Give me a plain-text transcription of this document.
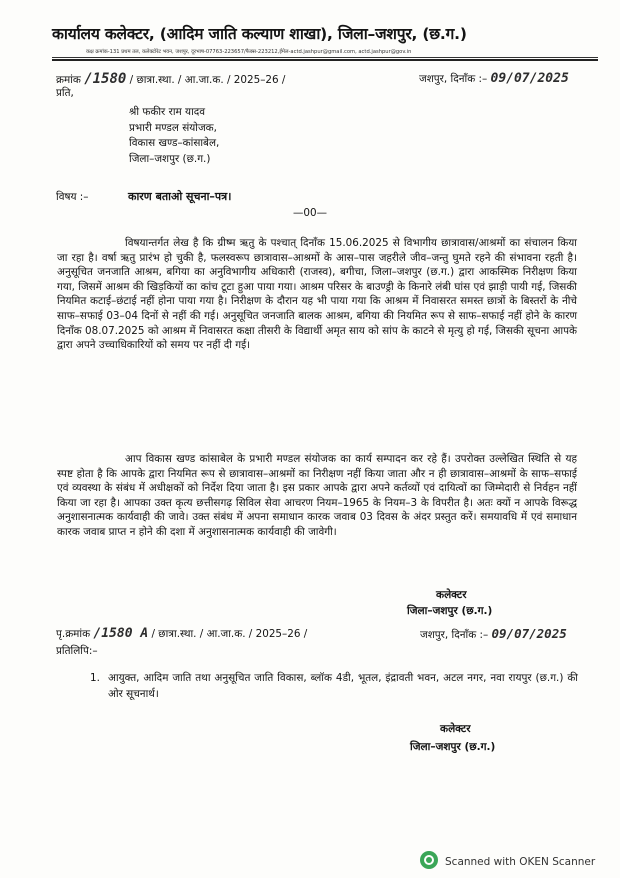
कार्यालय कलेक्टर, (आदिम जाति कल्याण शाखा), जिला–जशपुर, (छ.ग.)
कक्ष क्रमांक-131 प्रथम तल, कलेक्टोरेट भवन, जशपुर, दूरभाष-07763-223657/फैक्स-223212,ईमेल-actd.jashpur@gmail.com, actd.jashpur@gov.in
क्रमांक /1580 / छात्रा.स्था. / आ.जा.क. / 2025–26 /	जशपुर, दिनाँक :– 09/07/2025
प्रति,
श्री फकीर राम यादव
प्रभारी मण्डल संयोजक,
विकास खण्ड–कांसाबेल,
जिला–जशपुर (छ.ग.)
विषय :–	कारण बताओ सूचना–पत्र।
—00—
विषयान्तर्गत लेख है कि ग्रीष्म ऋतु के पश्चात् दिनाँक 15.06.2025 से विभागीय छात्रावास/आश्रमों का संचालन किया जा रहा है। वर्षा ऋतु प्रारंभ हो चुकी है, फलस्वरूप छात्रावास–आश्रमों के आस–पास जहरीले जीव–जन्तु घुमते रहने की संभावना रहती है। अनुसूचित जनजाति आश्रम, बगिया का अनुविभागीय अधिकारी (राजस्व), बगीचा, जिला–जशपुर (छ.ग.) द्वारा आकस्मिक निरीक्षण किया गया, जिसमें आश्रम की खिड़कियों का कांच टूटा हुआ पाया गया। आश्रम परिसर के बाउण्ड्री के किनारे लंबी घांस एवं झाड़ी पायी गई, जिसकी नियमित कटाई–छंटाई नहीं होना पाया गया है। निरीक्षण के दौरान यह भी पाया गया कि आश्रम में निवासरत समस्त छात्रों के बिस्तरों के नीचे साफ–सफाई 03–04 दिनों से नहीं की गई। अनुसूचित जनजाति बालक आश्रम, बगिया की नियमित रूप से साफ–सफाई नहीं होने के कारण दिनाँक 08.07.2025 को आश्रम में निवासरत कक्षा तीसरी के विद्यार्थी अमृत साय को सांप के काटने से मृत्यु हो गई, जिसकी सूचना आपके द्वारा अपने उच्चाधिकारियों को समय पर नहीं दी गई।
आप विकास खण्ड कांसाबेल के प्रभारी मण्डल संयोजक का कार्य सम्पादन कर रहे हैं। उपरोक्त उल्लेखित स्थिति से यह स्पष्ट होता है कि आपके द्वारा नियमित रूप से छात्रावास–आश्रमों का निरीक्षण नहीं किया जाता और न ही छात्रावास–आश्रमों के साफ–सफाई एवं व्यवस्था के संबंध में अधीक्षकों को निर्देश दिया जाता है। इस प्रकार आपके द्वारा अपने कर्तव्यों एवं दायित्वों का जिम्मेदारी से निर्वहन नहीं किया जा रहा है। आपका उक्त कृत्य छत्तीसगढ़ सिविल सेवा आचरण नियम–1965 के नियम–3 के विपरीत है। अतः क्यों न आपके विरूद्ध अनुशासनात्मक कार्यवाही की जावे। उक्त संबंध में अपना समाधान कारक जवाब 03 दिवस के अंदर प्रस्तुत करें। समयावधि में एवं समाधान कारक जवाब प्राप्त न होने की दशा में अनुशासनात्मक कार्यवाही की जावेगी।
कलेक्टर
जिला–जशपुर (छ.ग.)
पृ.क्रमांक /1580 A / छात्रा.स्था. / आ.जा.क. / 2025–26 /	जशपुर, दिनाँक :– 09/07/2025
प्रतिलिपि:–
1. आयुक्त, आदिम जाति तथा अनुसूचित जाति विकास, ब्लॉक 4डी, भूतल, इंद्रावती भवन, अटल नगर, नवा रायपुर (छ.ग.) की ओर सूचनार्थ।
कलेक्टर
जिला–जशपुर (छ.ग.)
Scanned with OKEN Scanner
